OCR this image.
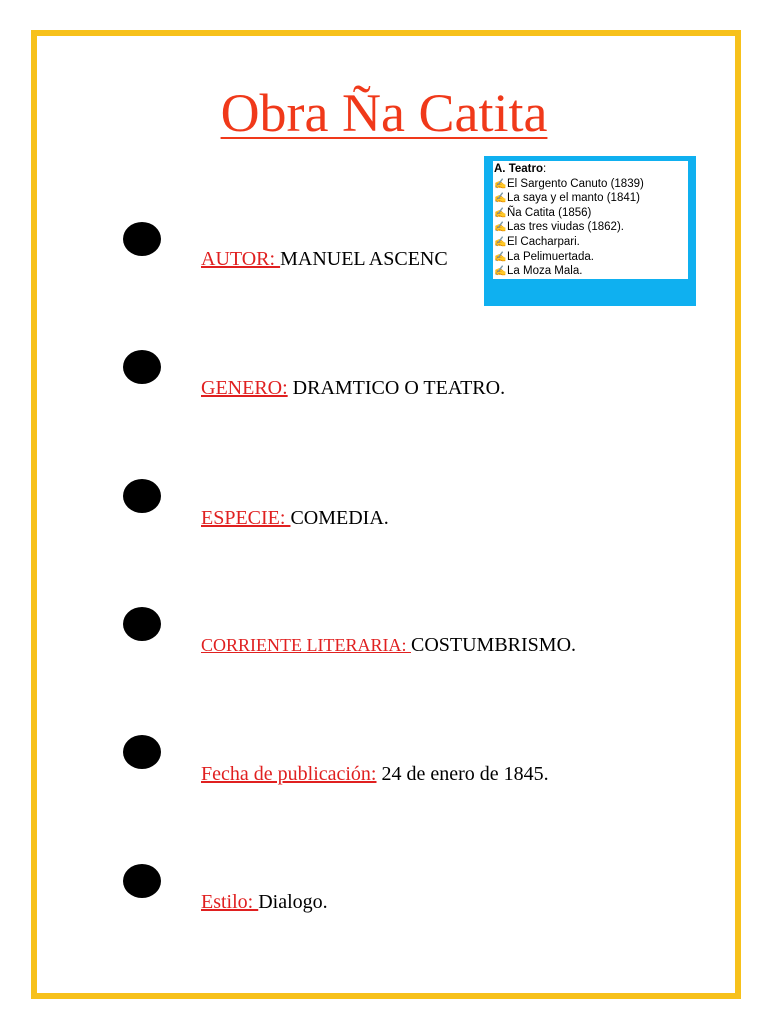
Obra Ña Catita
AUTOR: MANUEL ASCENC
GENERO: DRAMTICO O TEATRO.
ESPECIE: COMEDIA.
CORRIENTE LITERARIA: COSTUMBRISMO.
Fecha de publicación: 24 de enero de 1845.
Estilo: Dialogo.
A. Teatro:
✍El Sargento Canuto (1839)
✍La saya y el manto (1841)
✍Ña Catita (1856)
✍Las tres viudas (1862).
✍El Cacharpari.
✍La Pelimuertada.
✍La Moza Mala.
